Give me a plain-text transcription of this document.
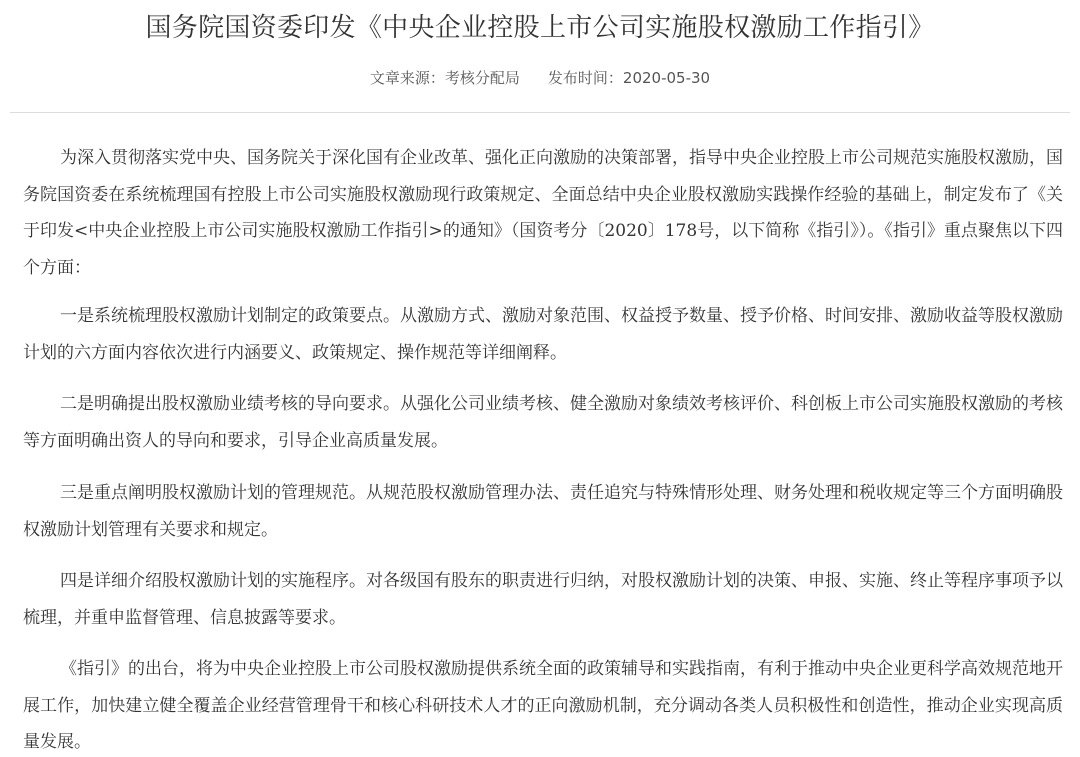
国务院国资委印发《中央企业控股上市公司实施股权激励工作指引》
文章来源：考核分配局 发布时间：2020-05-30

为深入贯彻落实党中央、国务院关于深化国有企业改革、强化正向激励的决策部署，指导中央企业控股上市公司规范实施股权激励，国务院国资委在系统梳理国有控股上市公司实施股权激励现行政策规定、全面总结中央企业股权激励实践操作经验的基础上，制定发布了《关于印发<中央企业控股上市公司实施股权激励工作指引>的通知》（国资考分〔2020〕178号，以下简称《指引》）。《指引》重点聚焦以下四个方面：

一是系统梳理股权激励计划制定的政策要点。从激励方式、激励对象范围、权益授予数量、授予价格、时间安排、激励收益等股权激励计划的六方面内容依次进行内涵要义、政策规定、操作规范等详细阐释。

二是明确提出股权激励业绩考核的导向要求。从强化公司业绩考核、健全激励对象绩效考核评价、科创板上市公司实施股权激励的考核等方面明确出资人的导向和要求，引导企业高质量发展。

三是重点阐明股权激励计划的管理规范。从规范股权激励管理办法、责任追究与特殊情形处理、财务处理和税收规定等三个方面明确股权激励计划管理有关要求和规定。

四是详细介绍股权激励计划的实施程序。对各级国有股东的职责进行归纳，对股权激励计划的决策、申报、实施、终止等程序事项予以梳理，并重申监督管理、信息披露等要求。

《指引》的出台，将为中央企业控股上市公司股权激励提供系统全面的政策辅导和实践指南，有利于推动中央企业更科学高效规范地开展工作，加快建立健全覆盖企业经营管理骨干和核心科研技术人才的正向激励机制，充分调动各类人员积极性和创造性，推动企业实现高质量发展。
